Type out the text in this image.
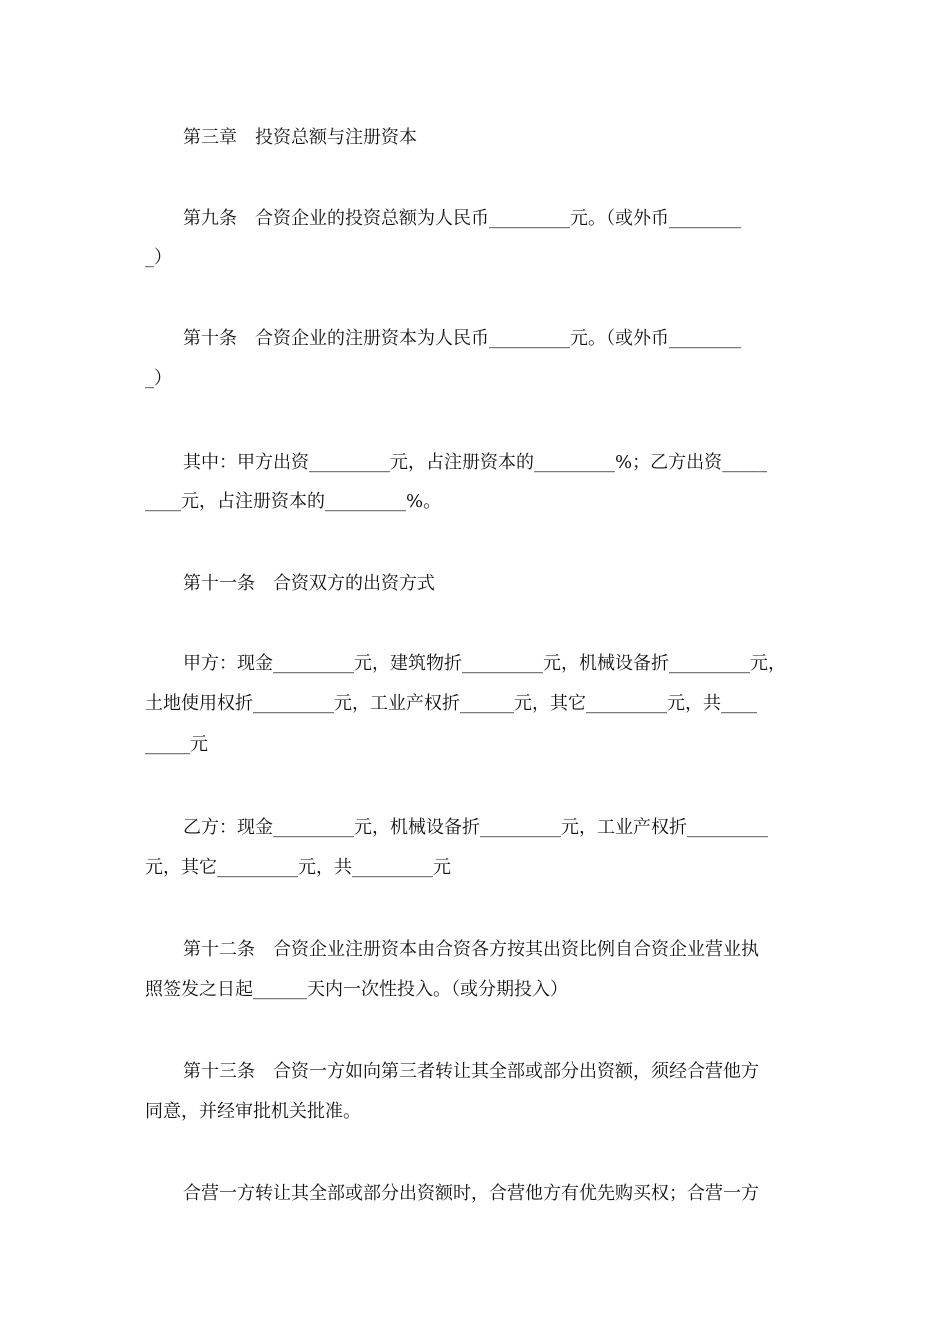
第三章　投资总额与注册资本
第九条　合资企业的投资总额为人民币_________元。（或外币________
_）
第十条　合资企业的注册资本为人民币_________元。（或外币________
_）
其中：甲方出资_________元，占注册资本的_________%；乙方出资_____
____元，占注册资本的_________%。
第十一条　合资双方的出资方式
甲方：现金_________元，建筑物折_________元，机械设备折_________元，
土地使用权折_________元，工业产权折______元，其它_________元，共____
_____元
乙方：现金_________元，机械设备折_________元，工业产权折_________
元，其它_________元，共_________元
第十二条　合资企业注册资本由合资各方按其出资比例自合资企业营业执
照签发之日起______天内一次性投入。（或分期投入）
第十三条　合资一方如向第三者转让其全部或部分出资额，须经合营他方
同意，并经审批机关批准。
合营一方转让其全部或部分出资额时，合营他方有优先购买权；合营一方
